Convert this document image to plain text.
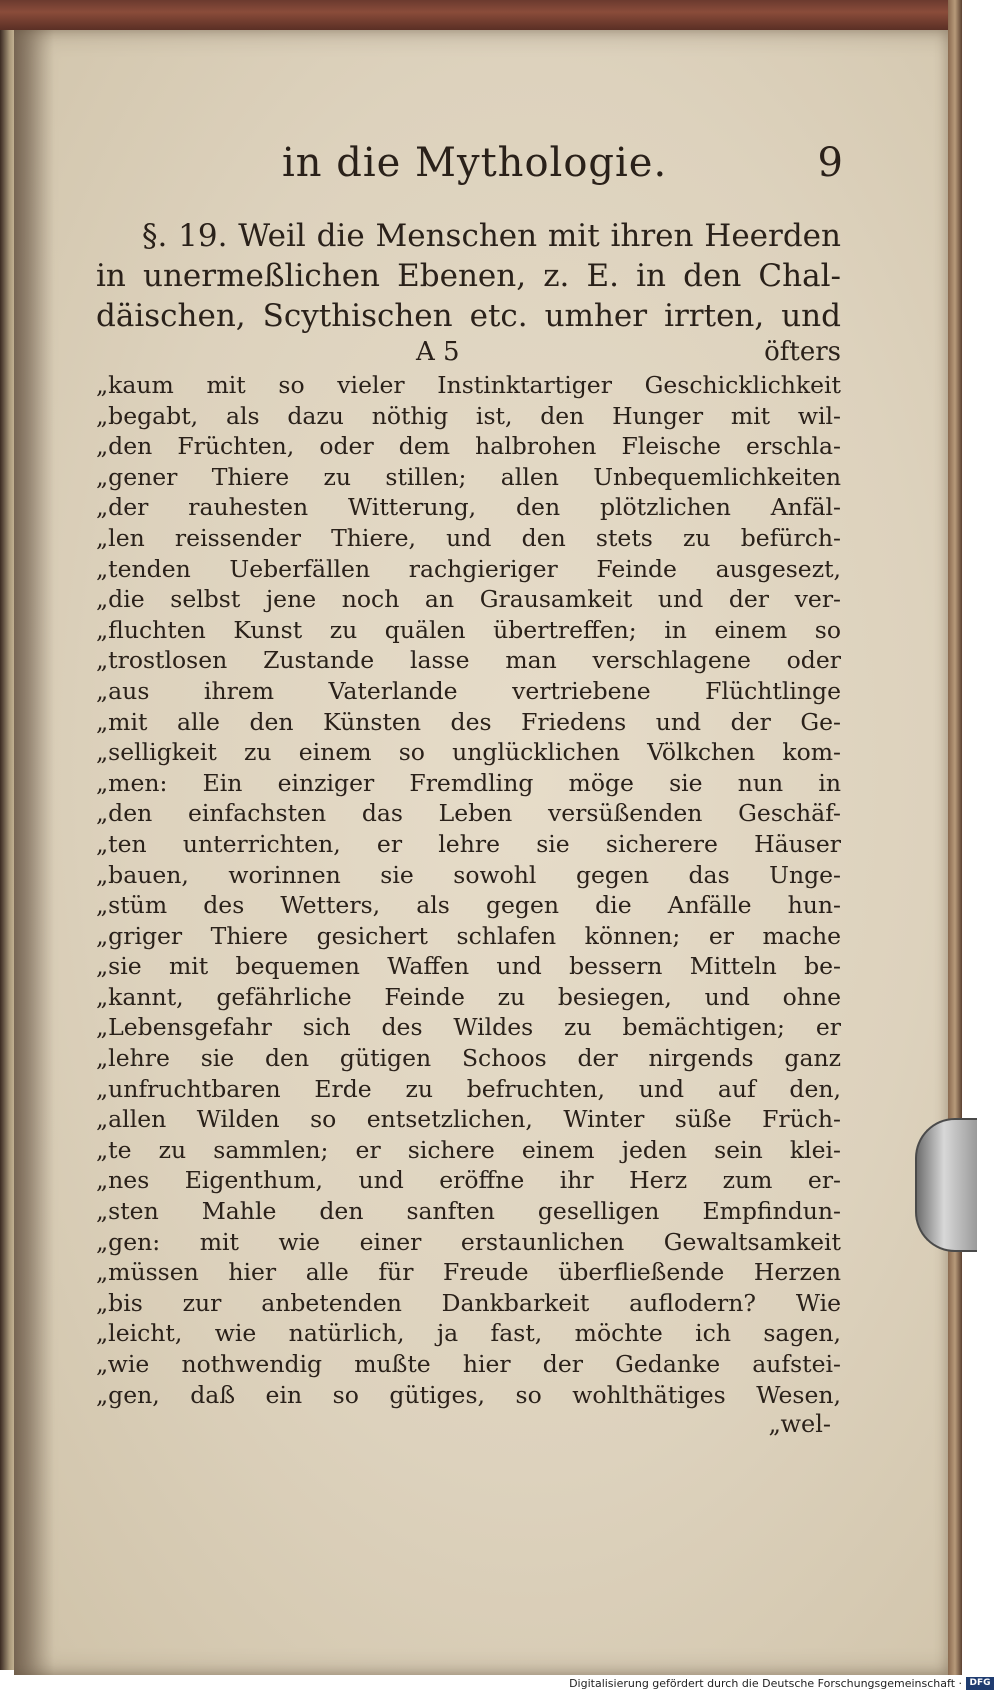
in die Mythologie.	9
§. 19. Weil die Menschen mit ihren Heerden
in unermeßlichen Ebenen, z. E. in den Chal-
däischen, Scythischen etc. umher irrten, und
A 5	öfters
„kaum mit so vieler Instinktartiger Geschicklichkeit
„begabt, als dazu nöthig ist, den Hunger mit wil-
„den Früchten, oder dem halbrohen Fleische erschla-
„gener Thiere zu stillen; allen Unbequemlichkeiten
„der rauhesten Witterung, den plötzlichen Anfäl-
„len reissender Thiere, und den stets zu befürch-
„tenden Ueberfällen rachgieriger Feinde ausgesezt,
„die selbst jene noch an Grausamkeit und der ver-
„fluchten Kunst zu quälen übertreffen; in einem so
„trostlosen Zustande lasse man verschlagene oder
„aus ihrem Vaterlande vertriebene Flüchtlinge
„mit alle den Künsten des Friedens und der Ge-
„selligkeit zu einem so unglücklichen Völkchen kom-
„men: Ein einziger Fremdling möge sie nun in
„den einfachsten das Leben versüßenden Geschäf-
„ten unterrichten, er lehre sie sicherere Häuser
„bauen, worinnen sie sowohl gegen das Unge-
„stüm des Wetters, als gegen die Anfälle hun-
„griger Thiere gesichert schlafen können; er mache
„sie mit bequemen Waffen und bessern Mitteln be-
„kannt, gefährliche Feinde zu besiegen, und ohne
„Lebensgefahr sich des Wildes zu bemächtigen; er
„lehre sie den gütigen Schoos der nirgends ganz
„unfruchtbaren Erde zu befruchten, und auf den,
„allen Wilden so entsetzlichen, Winter süße Früch-
„te zu sammlen; er sichere einem jeden sein klei-
„nes Eigenthum, und eröffne ihr Herz zum er-
„sten Mahle den sanften geselligen Empfindun-
„gen: mit wie einer erstaunlichen Gewaltsamkeit
„müssen hier alle für Freude überfließende Herzen
„bis zur anbetenden Dankbarkeit auflodern? Wie
„leicht, wie natürlich, ja fast, möchte ich sagen,
„wie nothwendig mußte hier der Gedanke aufstei-
„gen, daß ein so gütiges, so wohlthätiges Wesen,
„wel-
Digitalisierung gefördert durch die Deutsche Forschungsgemeinschaft · DFG
